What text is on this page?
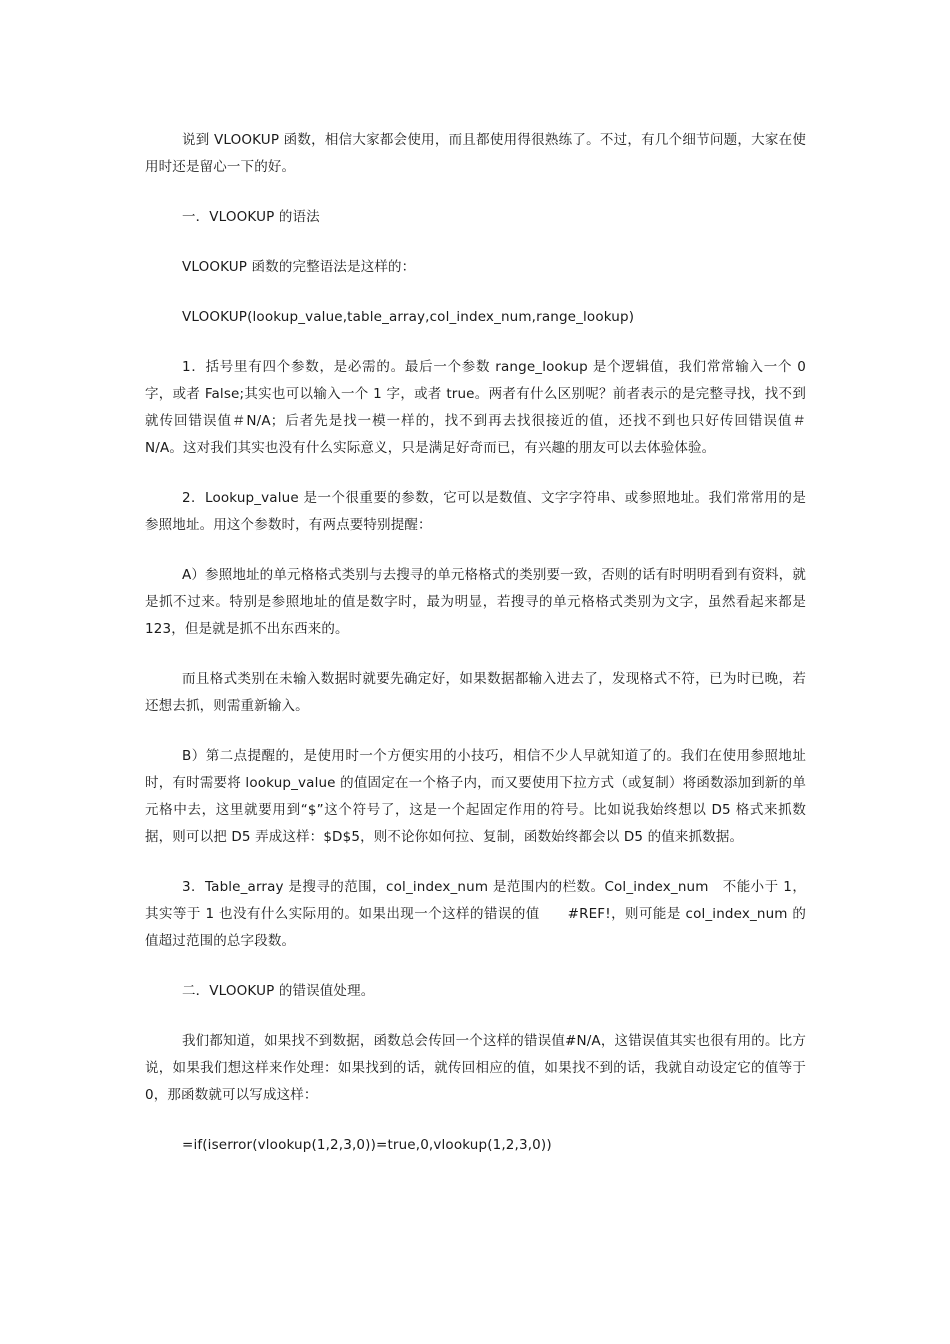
说到 VLOOKUP 函数，相信大家都会使用，而且都使用得很熟练了。不过，有几个细节问题，大家在使用时还是留心一下的好。

一．VLOOKUP 的语法

VLOOKUP 函数的完整语法是这样的：

VLOOKUP(lookup_value,table_array,col_index_num,range_lookup)

1．括号里有四个参数，是必需的。最后一个参数 range_lookup 是个逻辑值，我们常常输入一个 0 字，或者 False;其实也可以输入一个 1 字，或者 true。两者有什么区别呢？前者表示的是完整寻找，找不到就传回错误值＃N/A；后者先是找一模一样的，找不到再去找很接近的值，还找不到也只好传回错误值＃N/A。这对我们其实也没有什么实际意义，只是满足好奇而已，有兴趣的朋友可以去体验体验。

2．Lookup_value 是一个很重要的参数，它可以是数值、文字字符串、或参照地址。我们常常用的是参照地址。用这个参数时，有两点要特别提醒：

A）参照地址的单元格格式类别与去搜寻的单元格格式的类别要一致，否则的话有时明明看到有资料，就是抓不过来。特别是参照地址的值是数字时，最为明显，若搜寻的单元格格式类别为文字，虽然看起来都是 123，但是就是抓不出东西来的。

而且格式类别在未输入数据时就要先确定好，如果数据都输入进去了，发现格式不符，已为时已晚，若还想去抓，则需重新输入。

B）第二点提醒的，是使用时一个方便实用的小技巧，相信不少人早就知道了的。我们在使用参照地址时，有时需要将 lookup_value 的值固定在一个格子内，而又要使用下拉方式（或复制）将函数添加到新的单元格中去，这里就要用到“$”这个符号了，这是一个起固定作用的符号。比如说我始终想以 D5 格式来抓数据，则可以把 D5 弄成这样：$D$5，则不论你如何拉、复制，函数始终都会以 D5 的值来抓数据。

3．Table_array 是搜寻的范围，col_index_num 是范围内的栏数。Col_index_num　不能小于 1，其实等于 1 也没有什么实际用的。如果出现一个这样的错误的值　　#REF!，则可能是 col_index_num 的值超过范围的总字段数。

二．VLOOKUP 的错误值处理。

我们都知道，如果找不到数据，函数总会传回一个这样的错误值#N/A，这错误值其实也很有用的。比方说，如果我们想这样来作处理：如果找到的话，就传回相应的值，如果找不到的话，我就自动设定它的值等于 0，那函数就可以写成这样：

=if(iserror(vlookup(1,2,3,0))=true,0,vlookup(1,2,3,0))
